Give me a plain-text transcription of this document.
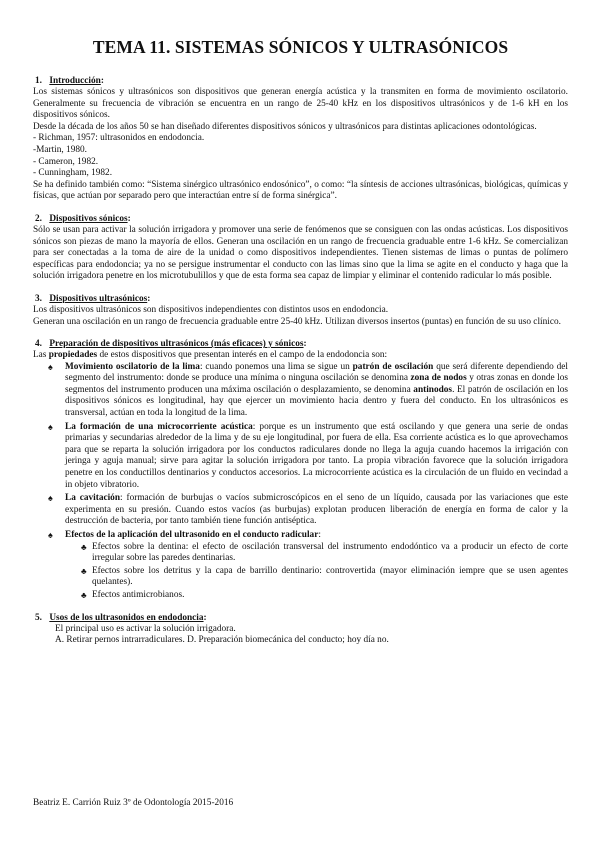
TEMA 11. SISTEMAS SÓNICOS Y ULTRASÓNICOS
1. Introducción:

Los sistemas sónicos y ultrasónicos son dispositivos que generan energía acústica y la transmiten en forma de movimiento oscilatorio. Generalmente su frecuencia de vibración se encuentra en un rango de 25-40 kHz en los dispositivos ultrasónicos y de 1-6 kH en los dispositivos sónicos.

Desde la década de los años 50 se han diseñado diferentes dispositivos sónicos y ultrasónicos para distintas aplicaciones odontológicas.

- Richman, 1957: ultrasonidos en endodoncia.

-Martin, 1980.

- Cameron, 1982.

- Cunningham, 1982.

Se ha definido también como: “Sistema sinérgico ultrasónico endosónico”, o como: “la síntesis de acciones ultrasónicas, biológicas, químicas y físicas, que actúan por separado pero que interactúan entre sí de forma sinérgica”.

2. Dispositivos sónicos:

Sólo se usan para activar la solución irrigadora y promover una serie de fenómenos que se consiguen con las ondas acústicas. Los dispositivos sónicos son piezas de mano la mayoría de ellos. Generan una oscilación en un rango de frecuencia graduable entre 1-6 kHz. Se comercializan para ser conectadas a la toma de aire de la unidad o como dispositivos independientes. Tienen sistemas de limas o puntas de polímero específicas para endodoncia; ya no se persigue instrumentar el conducto con las limas sino que la lima se agite en el conducto y haga que la solución irrigadora penetre en los microtubulillos y que de esta forma sea capaz de limpiar y eliminar el contenido radicular lo más posible.

3. Dispositivos ultrasónicos:

Los dispositivos ultrasónicos son dispositivos independientes con distintos usos en endodoncia.

Generan una oscilación en un rango de frecuencia graduable entre 25-40 kHz. Utilizan diversos insertos (puntas) en función de su uso clínico.

4. Preparación de dispositivos ultrasónicos (más eficaces) y sónicos:

Las propiedades de estos dispositivos que presentan interés en el campo de la endodoncia son:

♠ Movimiento oscilatorio de la lima: cuando ponemos una lima se sigue un patrón de oscilación que será diferente dependiendo del segmento del instrumento: donde se produce una mínima o ninguna oscilación se denomina zona de nodos y otras zonas en donde los segmentos del instrumento producen una máxima oscilación o desplazamiento, se denomina antinodos. El patrón de oscilación en los dispositivos sónicos es longitudinal, hay que ejercer un movimiento hacia dentro y fuera del conducto. En los ultrasónicos es transversal, actúan en toda la longitud de la lima.
♠ La formación de una microcorriente acústica: porque es un instrumento que está oscilando y que genera una serie de ondas primarias y secundarias alrededor de la lima y de su eje longitudinal, por fuera de ella. Esa corriente acústica es lo que aprovechamos para que se reparta la solución irrigadora por los conductos radiculares donde no llega la aguja cuando hacemos la irrigación con jeringa y aguja manual; sirve para agitar la solución irrigadora por tanto. La propia vibración favorece que la solución irrigadora penetre en los conductillos dentinarios y conductos accesorios. La microcorriente acústica es la circulación de un fluido en vecindad a in objeto vibratorio.
♠ La cavitación: formación de burbujas o vacíos submicroscópicos en el seno de un líquido, causada por las variaciones que este experimenta en su presión. Cuando estos vacíos (as burbujas) explotan producen liberación de energía en forma de calor y la destrucción de bacteria, por tanto también tiene función antiséptica.
♠ Efectos de la aplicación del ultrasonido en el conducto radicular:
♣ Efectos sobre la dentina: el efecto de oscilación transversal del instrumento endodóntico va a producir un efecto de corte irregular sobre las paredes dentinarias.
♣ Efectos sobre los detritus y la capa de barrillo dentinario: controvertida (mayor eliminación iempre que se usen agentes quelantes).
♣ Efectos antimicrobianos.
5. Usos de los ultrasonidos en endodoncia:

El principal uso es activar la solución irrigadora.

A. Retirar pernos intrarradiculares. D. Preparación biomecánica del conducto; hoy día no.

Beatriz E. Carrión Ruiz 3º de Odontología 2015-2016
